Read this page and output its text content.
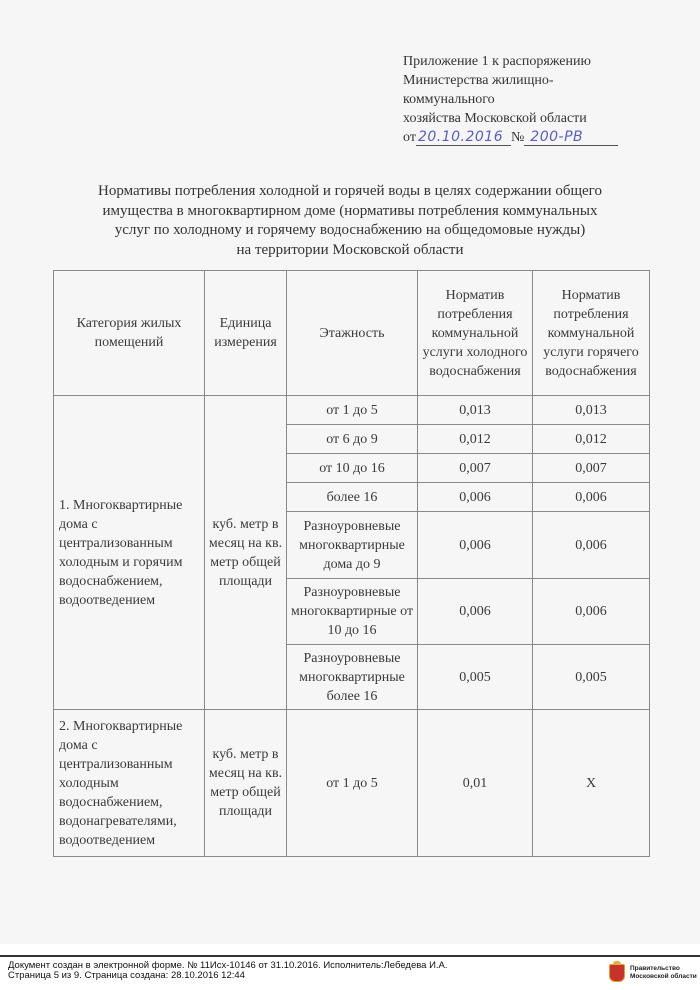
Приложение 1 к распоряжению
Министерства жилищно-
коммунального
хозяйства Московской области
от 20.10.2016 № 200-РВ
Нормативы потребления холодной и горячей воды в целях содержании общего
имущества в многоквартирном доме (нормативы потребления коммунальных
услуг по холодному и горячему водоснабжению на общедомовые нужды)
на территории Московской области
Категория жилых помещений	Единица измерения	Этажность	Норматив потребления коммунальной услуги холодного водоснабжения	Норматив потребления коммунальной услуги горячего водоснабжения
1. Многоквартирные дома с централизованным холодным и горячим водоснабжением, водоотведением	куб. метр в месяц на кв. метр общей площади	от 1 до 5	0,013	0,013
		от 6 до 9	0,012	0,012
		от 10 до 16	0,007	0,007
		более 16	0,006	0,006
		Разноуровневые многоквартирные дома до 9	0,006	0,006
		Разноуровневые многоквартирные от 10 до 16	0,006	0,006
		Разноуровневые многоквартирные более 16	0,005	0,005
2. Многоквартирные дома с централизованным холодным водоснабжением, водонагревателями, водоотведением	куб. метр в месяц на кв. метр общей площади	от 1 до 5	0,01	X
Документ создан в электронной форме. № 11Исх-10146 от 31.10.2016. Исполнитель:Лебедева И.А.
Страница 5 из 9. Страница создана: 28.10.2016 12:44
Правительство
Московской области
